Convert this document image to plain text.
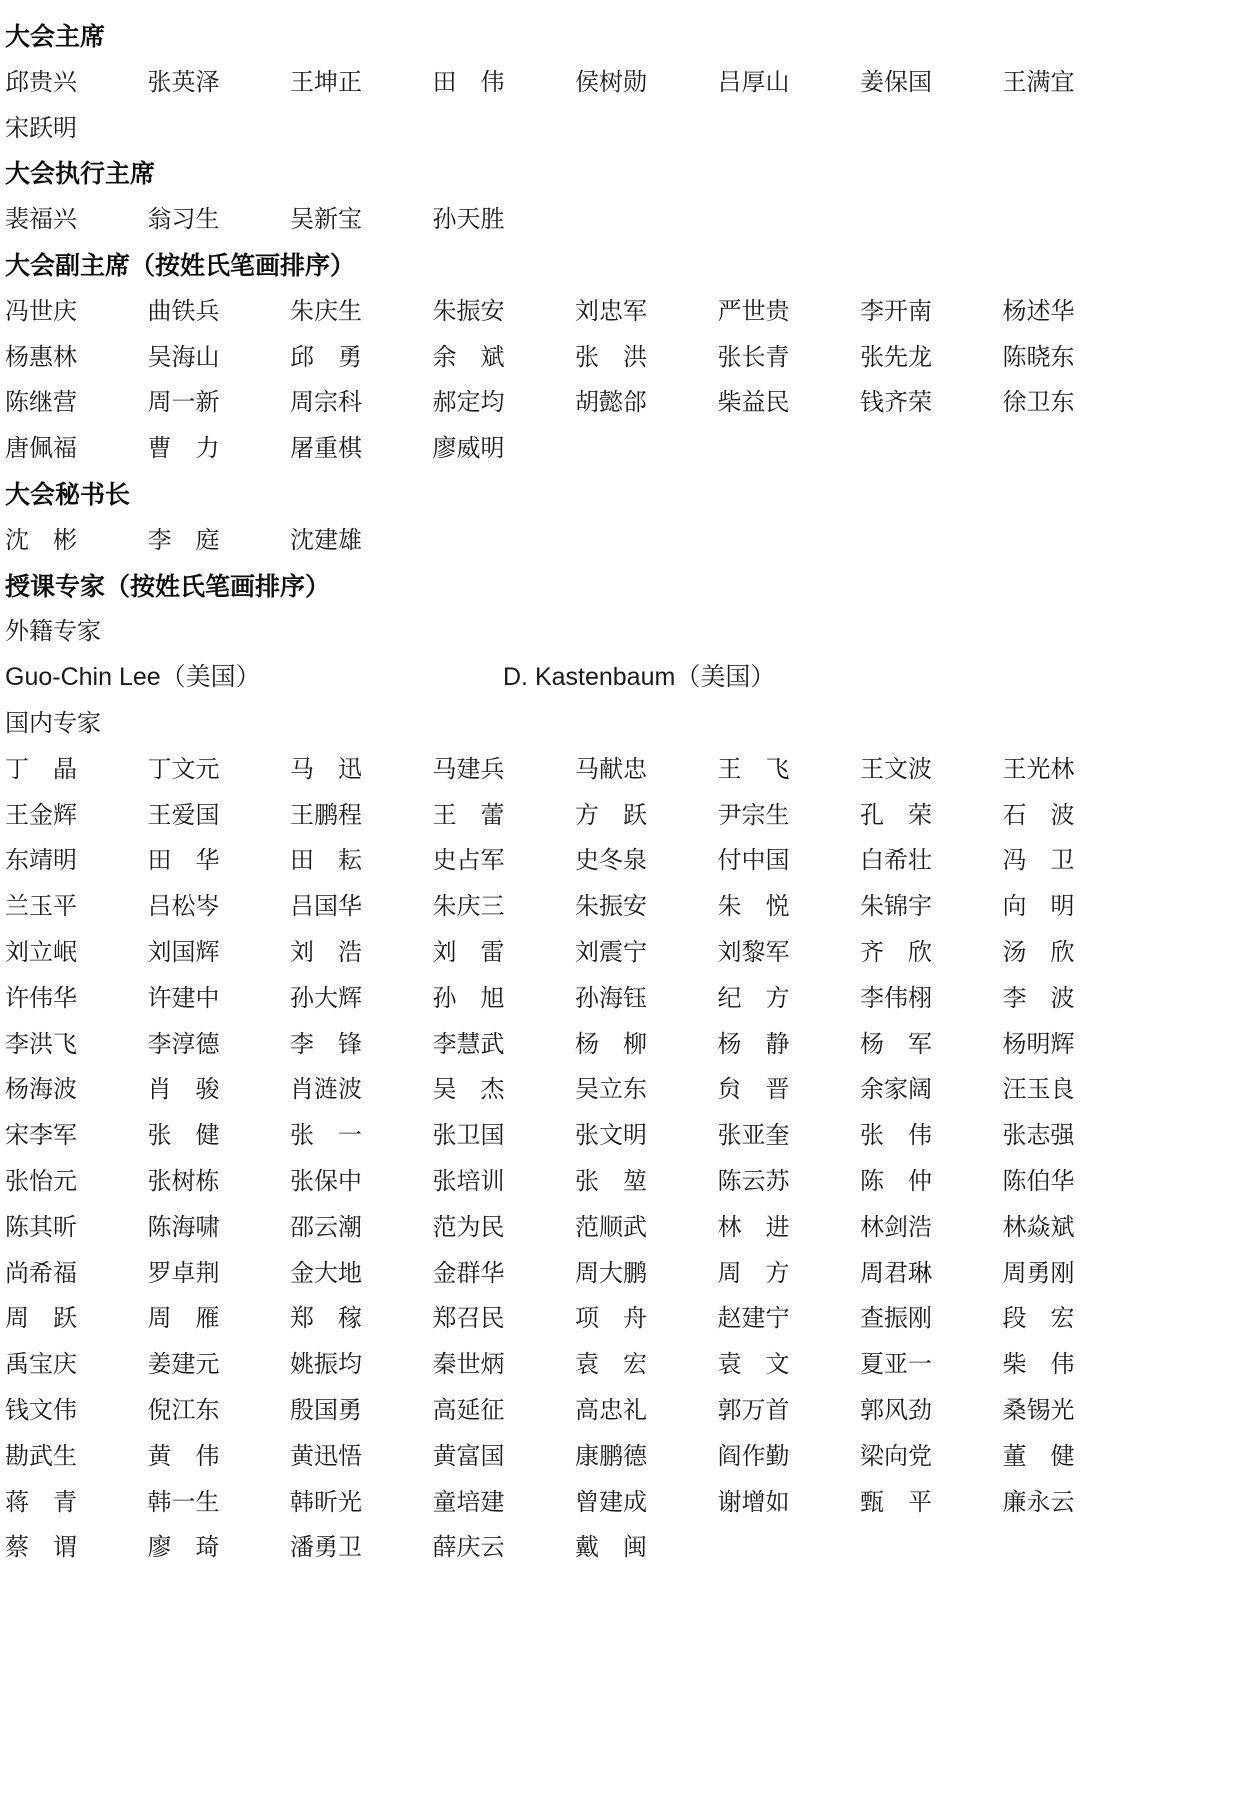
大会主席
邱贵兴	张英泽	王坤正	田　伟	侯树勋	吕厚山	姜保国	王满宜
宋跃明
大会执行主席
裴福兴	翁习生	吴新宝	孙天胜
大会副主席（按姓氏笔画排序）
冯世庆	曲铁兵	朱庆生	朱振安	刘忠军	严世贵	李开南	杨述华
杨惠林	吴海山	邱　勇	余　斌	张　洪	张长青	张先龙	陈晓东
陈继营	周一新	周宗科	郝定均	胡懿郃	柴益民	钱齐荣	徐卫东
唐佩福	曹　力	屠重棋	廖威明
大会秘书长
沈　彬	李　庭	沈建雄
授课专家（按姓氏笔画排序）
外籍专家
Guo-Chin Lee（美国）	D. Kastenbaum（美国）
国内专家
丁　晶	丁文元	马　迅	马建兵	马献忠	王　飞	王文波	王光林
王金辉	王爱国	王鹏程	王　蕾	方　跃	尹宗生	孔　荣	石　波
东靖明	田　华	田　耘	史占军	史冬泉	付中国	白希壮	冯　卫
兰玉平	吕松岑	吕国华	朱庆三	朱振安	朱　悦	朱锦宇	向　明
刘立岷	刘国辉	刘　浩	刘　雷	刘震宁	刘黎军	齐　欣	汤　欣
许伟华	许建中	孙大辉	孙　旭	孙海钰	纪　方	李伟栩	李　波
李洪飞	李淳德	李　锋	李慧武	杨　柳	杨　静	杨　军	杨明辉
杨海波	肖　骏	肖涟波	吴　杰	吴立东	贠　晋	余家阔	汪玉良
宋李军	张　健	张　一	张卫国	张文明	张亚奎	张　伟	张志强
张怡元	张树栋	张保中	张培训	张　堃	陈云苏	陈　仲	陈伯华
陈其昕	陈海啸	邵云潮	范为民	范顺武	林　进	林剑浩	林焱斌
尚希福	罗卓荆	金大地	金群华	周大鹏	周　方	周君琳	周勇刚
周　跃	周　雁	郑　稼	郑召民	项　舟	赵建宁	查振刚	段　宏
禹宝庆	姜建元	姚振均	秦世炳	袁　宏	袁　文	夏亚一	柴　伟
钱文伟	倪江东	殷国勇	高延征	高忠礼	郭万首	郭风劲	桑锡光
勘武生	黄　伟	黄迅悟	黄富国	康鹏德	阎作勤	梁向党	董　健
蒋　青	韩一生	韩昕光	童培建	曾建成	谢增如	甄　平	廉永云
蔡　谓	廖　琦	潘勇卫	薛庆云	戴　闽
